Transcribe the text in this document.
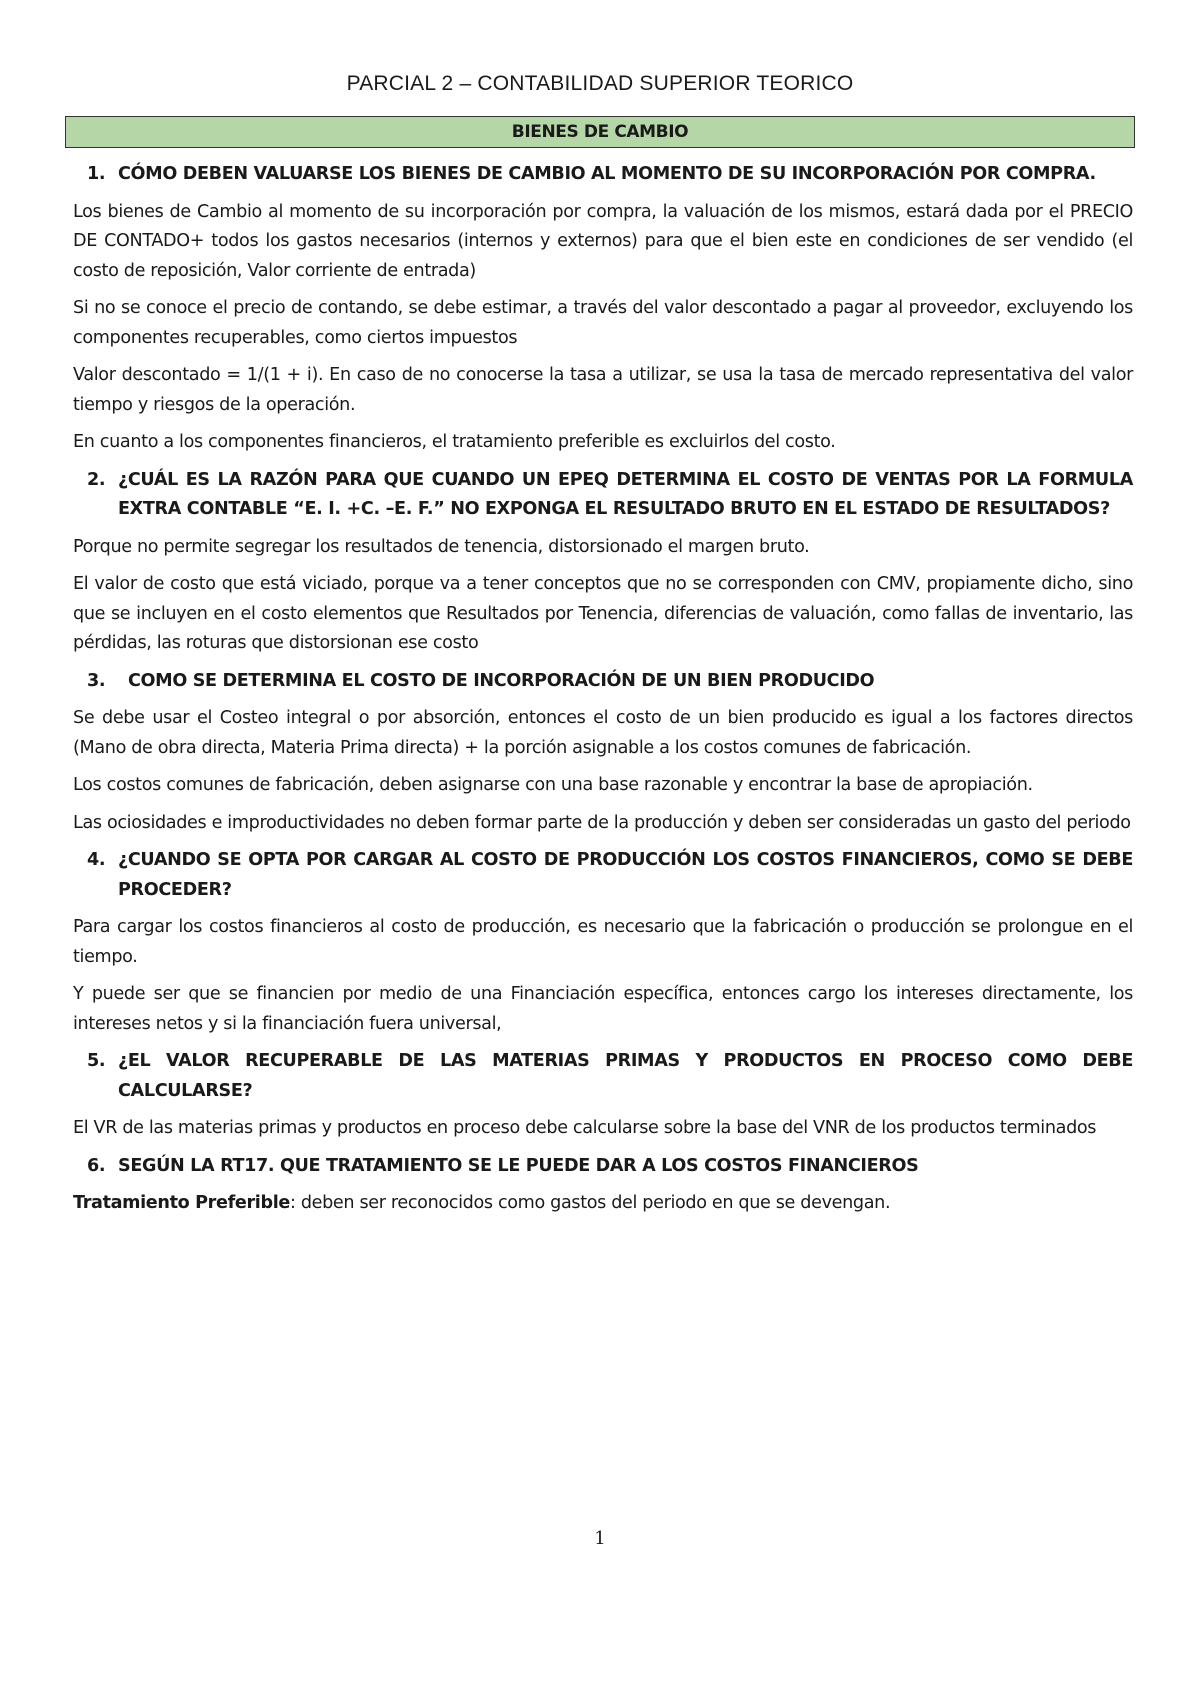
PARCIAL 2 – CONTABILIDAD SUPERIOR TEORICO
BIENES DE CAMBIO
1. CÓMO DEBEN VALUARSE LOS BIENES DE CAMBIO AL MOMENTO DE SU INCORPORACIÓN POR COMPRA.

Los bienes de Cambio al momento de su incorporación por compra, la valuación de los mismos, estará dada por el PRECIO DE CONTADO+ todos los gastos necesarios (internos y externos) para que el bien este en condiciones de ser vendido (el costo de reposición, Valor corriente de entrada)

Si no se conoce el precio de contando, se debe estimar, a través del valor descontado a pagar al proveedor, excluyendo los componentes recuperables, como ciertos impuestos

Valor descontado = 1/(1 + i). En caso de no conocerse la tasa a utilizar, se usa la tasa de mercado representativa del valor tiempo y riesgos de la operación.

En cuanto a los componentes financieros, el tratamiento preferible es excluirlos del costo.

2. ¿CUÁL ES LA RAZÓN PARA QUE CUANDO UN EPEQ DETERMINA EL COSTO DE VENTAS POR LA FORMULA EXTRA CONTABLE “E. I. +C. –E. F.” NO EXPONGA EL RESULTADO BRUTO EN EL ESTADO DE RESULTADOS?

Porque no permite segregar los resultados de tenencia, distorsionado el margen bruto.

El valor de costo que está viciado, porque va a tener conceptos que no se corresponden con CMV, propiamente dicho, sino que se incluyen en el costo elementos que Resultados por Tenencia, diferencias de valuación, como fallas de inventario, las pérdidas, las roturas que distorsionan ese costo

3.	COMO SE DETERMINA EL COSTO DE INCORPORACIÓN DE UN BIEN PRODUCIDO

Se debe usar el Costeo integral o por absorción, entonces el costo de un bien producido es igual a los factores directos (Mano de obra directa, Materia Prima directa) + la porción asignable a los costos comunes de fabricación.

Los costos comunes de fabricación, deben asignarse con una base razonable y encontrar la base de apropiación.

Las ociosidades e improductividades no deben formar parte de la producción y deben ser consideradas un gasto del periodo

4. ¿CUANDO SE OPTA POR CARGAR AL COSTO DE PRODUCCIÓN LOS COSTOS FINANCIEROS, COMO SE DEBE PROCEDER?

Para cargar los costos financieros al costo de producción, es necesario que la fabricación o producción se prolongue en el tiempo.

Y puede ser que se financien por medio de una Financiación específica, entonces cargo los intereses directamente, los intereses netos y si la financiación fuera universal,

5. ¿EL VALOR RECUPERABLE DE LAS MATERIAS PRIMAS Y PRODUCTOS EN PROCESO COMO DEBE CALCULARSE?

El VR de las materias primas y productos en proceso debe calcularse sobre la base del VNR de los productos terminados

6. SEGÚN LA RT17. QUE TRATAMIENTO SE LE PUEDE DAR A LOS COSTOS FINANCIEROS

Tratamiento Preferible: deben ser reconocidos como gastos del periodo en que se devengan.

1
